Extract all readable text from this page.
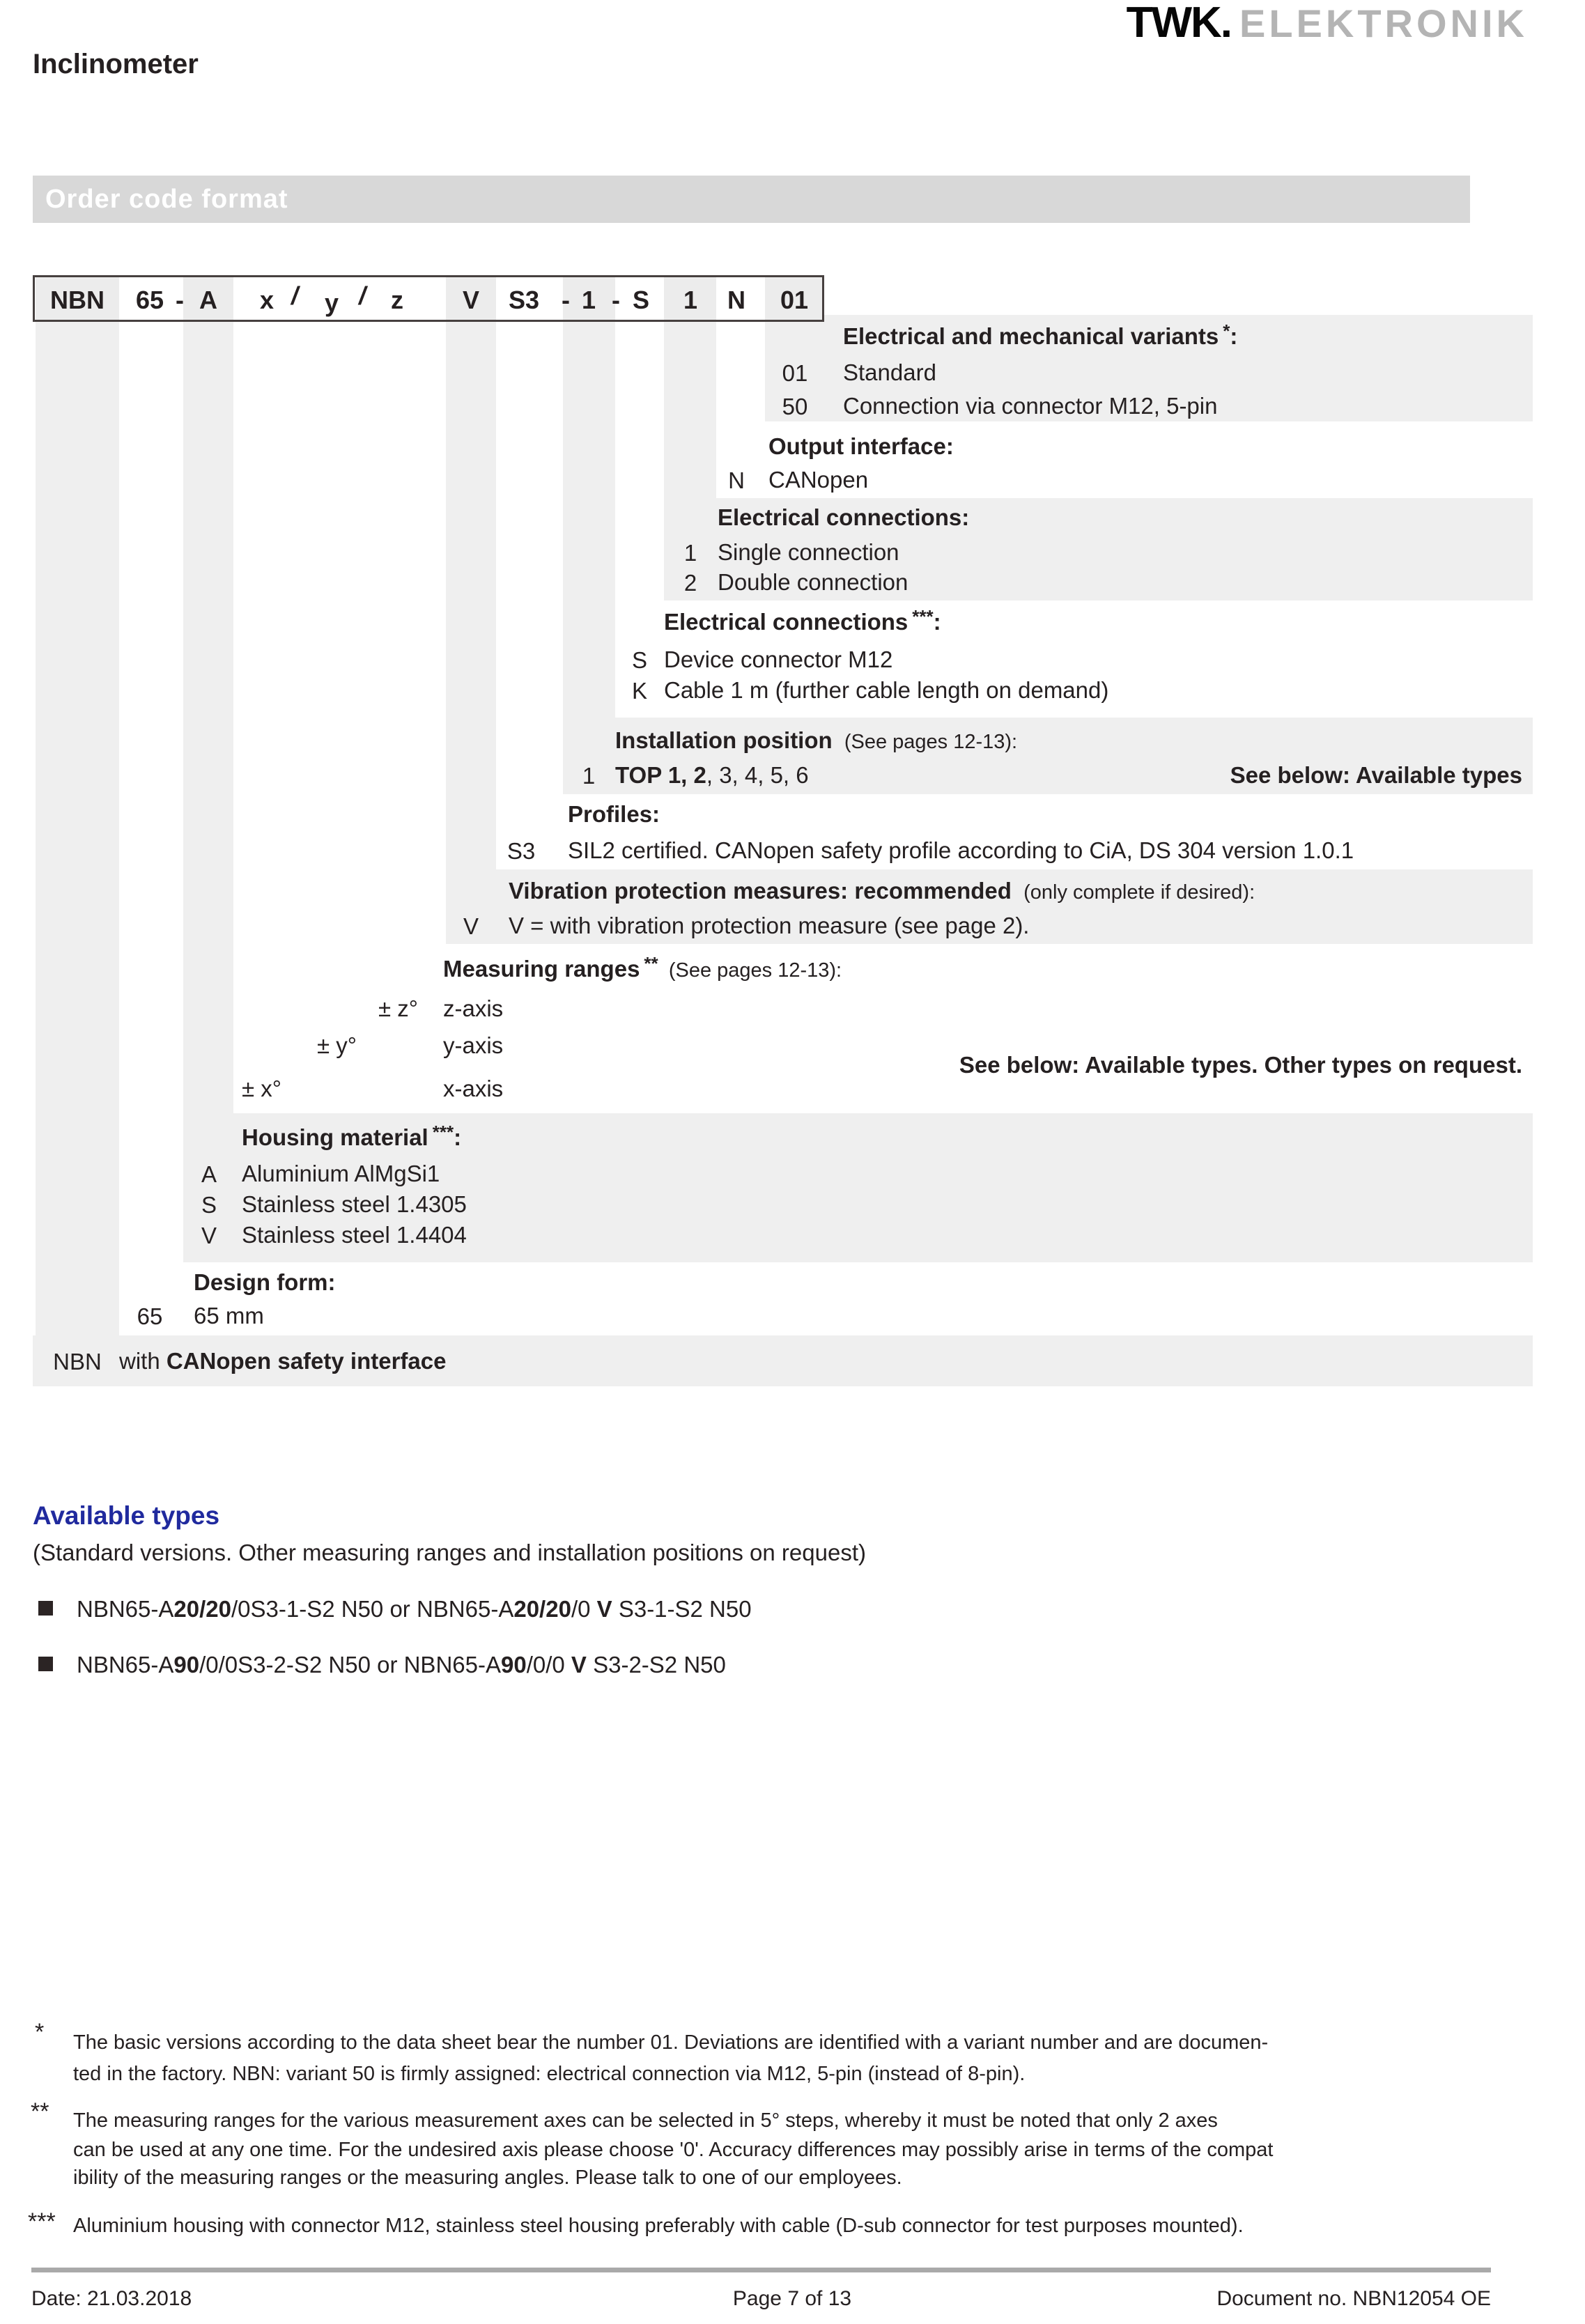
Inclinometer
TWK. ELEKTRONIK
Order code format
NBN 65 - A x / y / z V S3 - 1 - S 1 N 01
Electrical and mechanical variants *:
01 Standard
50 Connection via connector M12, 5-pin
Output interface:
N CANopen
Electrical connections:
1 Single connection
2 Double connection
Electrical connections ***:
S Device connector M12
K Cable 1 m (further cable length on demand)
Installation position (See pages 12-13):
1 TOP 1, 2, 3, 4, 5, 6	See below: Available types
Profiles:
S3 SIL2 certified. CANopen safety profile according to CiA, DS 304 version 1.0.1
Vibration protection measures: recommended (only complete if desired):
V V = with vibration protection measure (see page 2).
Measuring ranges ** (See pages 12-13):
± z° z-axis
± y°	y-axis
See below: Available types. Other types on request.
± x°	x-axis
Housing material ***:
A Aluminium AlMgSi1
S Stainless steel 1.4305
V Stainless steel 1.4404
Design form:
65 65 mm
NBN with CANopen safety interface
Available types
(Standard versions. Other measuring ranges and installation positions on request)
NBN65-A20/20/0S3-1-S2 N50 or NBN65-A20/20/0 V S3-1-S2 N50
NBN65-A90/0/0S3-2-S2 N50 or NBN65-A90/0/0 V S3-2-S2 N50
* The basic versions according to the data sheet bear the number 01. Deviations are identified with a variant number and are documen-
ted in the factory. NBN: variant 50 is firmly assigned: electrical connection via M12, 5-pin (instead of 8-pin).
** The measuring ranges for the various measurement axes can be selected in 5° steps, whereby it must be noted that only 2 axes
can be used at any one time. For the undesired axis please choose '0'. Accuracy differences may possibly arise in terms of the compat
ibility of the measuring ranges or the measuring angles. Please talk to one of our employees.
*** Aluminium housing with connector M12, stainless steel housing preferably with cable (D-sub connector for test purposes mounted).
Date: 21.03.2018	Page 7 of 13	Document no. NBN12054 OE
